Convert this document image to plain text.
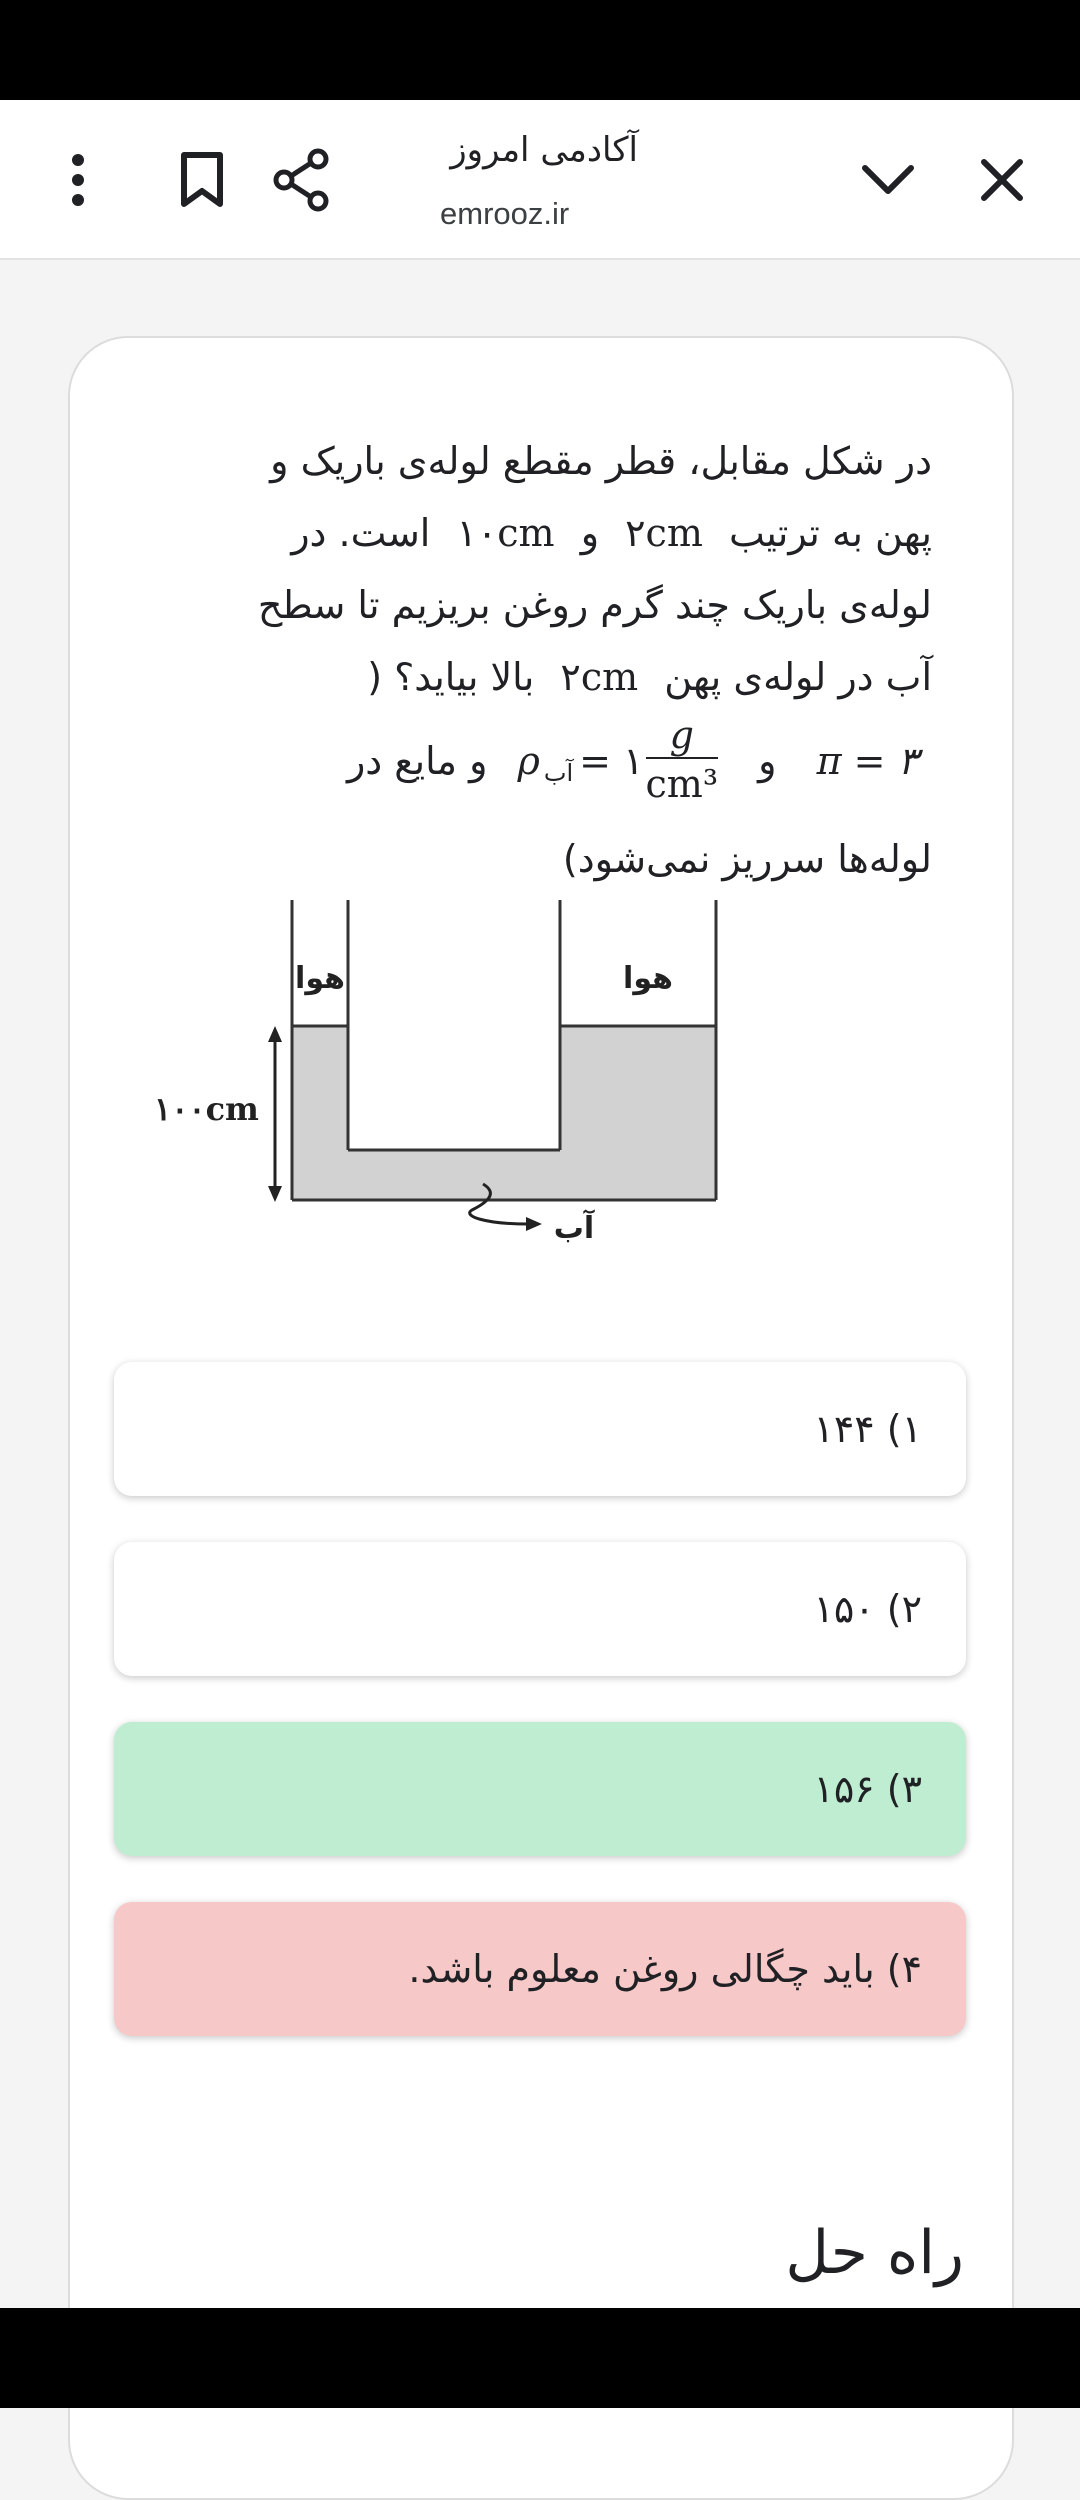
آکادمی امروز
emrooz.ir
در شکل مقابل، قطر مقطع لوله‌ی باریک و
پهن به ترتیب ۲cm و ۱۰cm است. در
لوله‌ی باریک چند گرم روغن بریزیم تا سطح
آب در لوله‌ی پهن ۲cm بالا بیاید؟ (
π = ۳ و
ρ آب = ۱ $\frac{g}{\text{cm³}}$
و مایع در
لوله‌ها سرریز نمی‌شود)
هوا	هوا
۱۰۰cm
آب
۱) ۱۴۴
۲) ۱۵۰
۳) ۱۵۶
۴) باید چگالی روغن معلوم باشد.
راه حل
